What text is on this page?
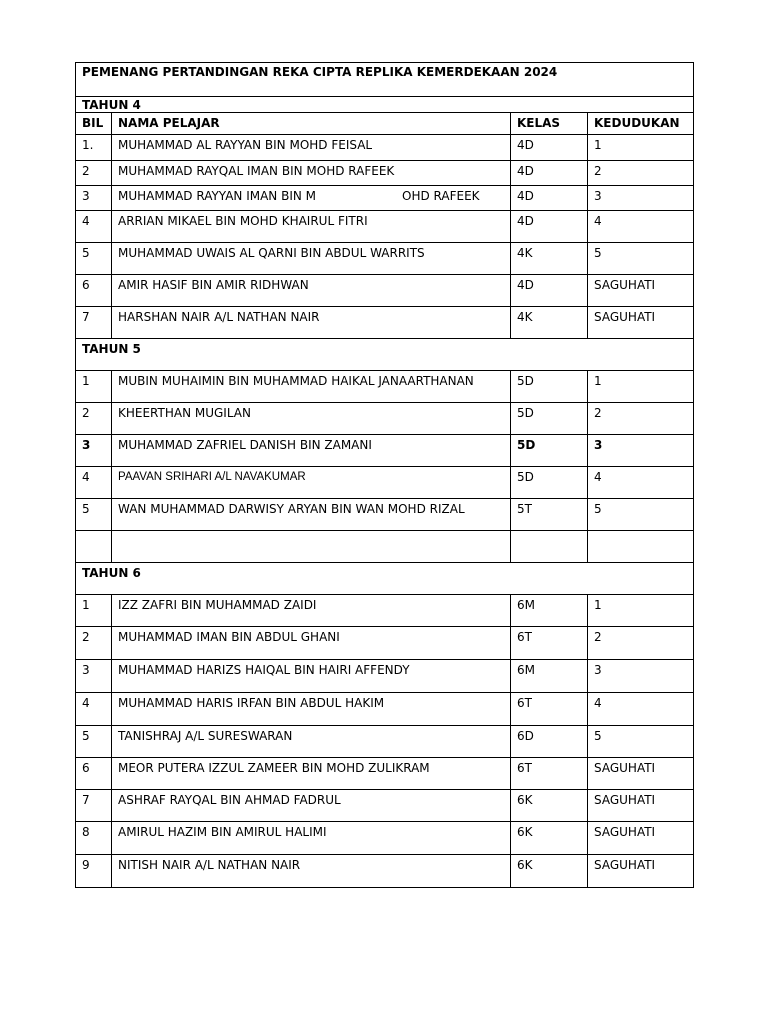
PEMENANG PERTANDINGAN REKA CIPTA REPLIKA KEMERDEKAAN 2024			
TAHUN 4			
BIL	NAMA PELAJAR	KELAS	KEDUDUKAN
1.	MUHAMMAD AL RAYYAN BIN MOHD FEISAL	4D	1
2	MUHAMMAD RAYQAL IMAN BIN MOHD RAFEEK	4D	2
3	MUHAMMAD RAYYAN IMAN BIN M OHD RAFEEK	4D	3
4	ARRIAN MIKAEL BIN MOHD KHAIRUL FITRI	4D	4
5	MUHAMMAD UWAIS AL QARNI BIN ABDUL WARRITS	4K	5
6	AMIR HASIF BIN AMIR RIDHWAN	4D	SAGUHATI
7	HARSHAN NAIR A/L NATHAN NAIR	4K	SAGUHATI
TAHUN 5			
1	MUBIN MUHAIMIN BIN MUHAMMAD HAIKAL JANAARTHANAN	5D	1
2	KHEERTHAN MUGILAN	5D	2
3	MUHAMMAD ZAFRIEL DANISH BIN ZAMANI	5D	3
4	PAAVAN SRIHARI A/L NAVAKUMAR	5D	4
5	WAN MUHAMMAD DARWISY ARYAN BIN WAN MOHD RIZAL	5T	5

TAHUN 6			
1	IZZ ZAFRI BIN MUHAMMAD ZAIDI	6M	1
2	MUHAMMAD IMAN BIN ABDUL GHANI	6T	2
3	MUHAMMAD HARIZS HAIQAL BIN HAIRI AFFENDY	6M	3
4	MUHAMMAD HARIS IRFAN BIN ABDUL HAKIM	6T	4
5	TANISHRAJ A/L SURESWARAN	6D	5
6	MEOR PUTERA IZZUL ZAMEER BIN MOHD ZULIKRAM	6T	SAGUHATI
7	ASHRAF RAYQAL BIN AHMAD FADRUL	6K	SAGUHATI
8	AMIRUL HAZIM BIN AMIRUL HALIMI	6K	SAGUHATI
9	NITISH NAIR A/L NATHAN NAIR	6K	SAGUHATI
